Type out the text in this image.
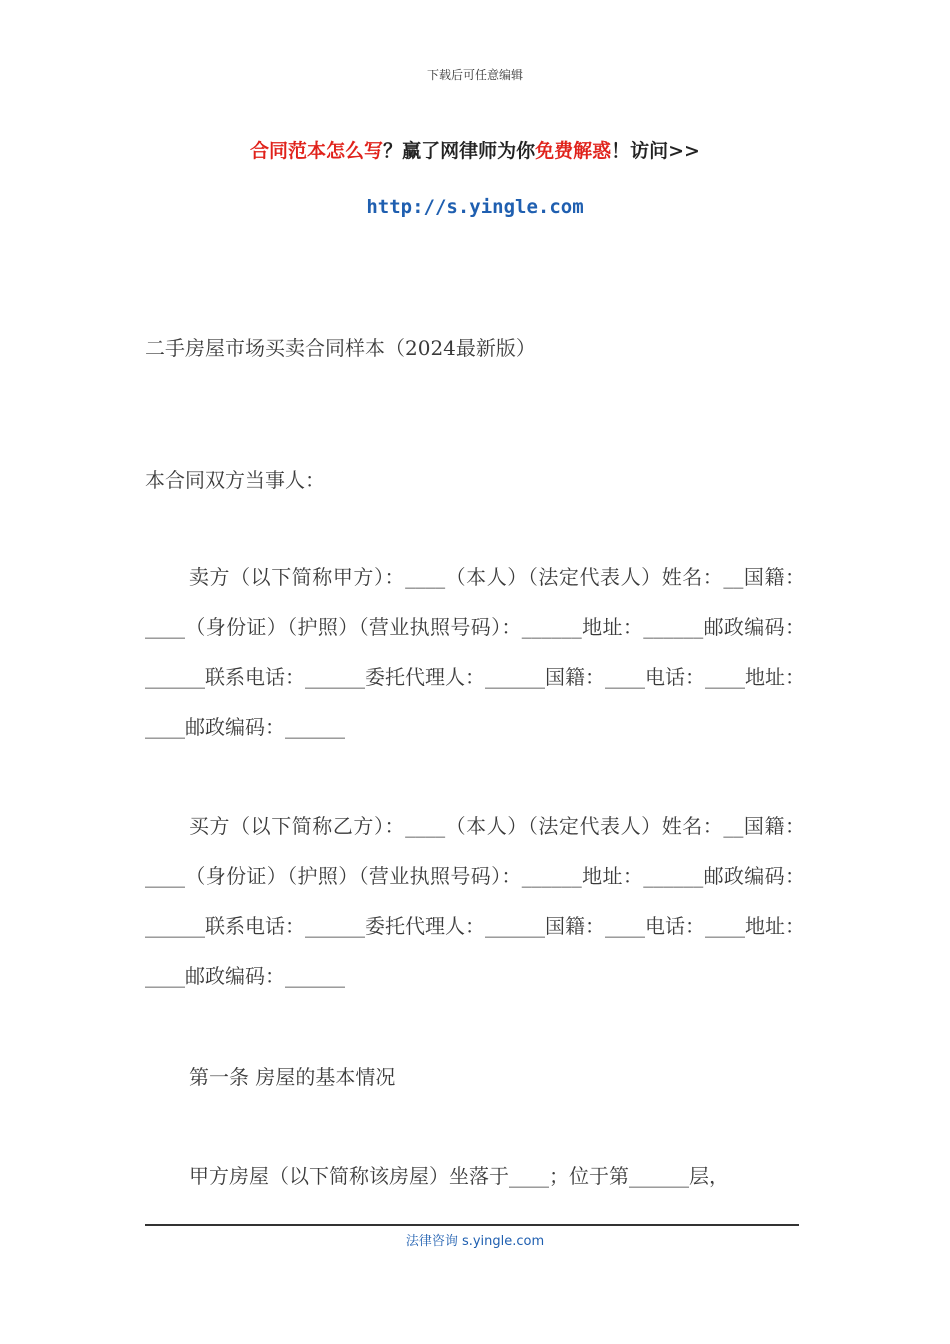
下载后可任意编辑
合同范本怎么写？赢了网律师为你免费解惑！访问>>
http://s.yingle.com
二手房屋市场买卖合同样本（2024最新版）
本合同双方当事人：
卖方（以下简称甲方）：____（本人）（法定代表人）姓名：__国籍：____（身份证）（护照）（营业执照号码）：______地址：______邮政编码：______联系电话：______委托代理人：______国籍：____电话：____地址：____邮政编码：______
买方（以下简称乙方）：____（本人）（法定代表人）姓名：__国籍：____（身份证）（护照）（营业执照号码）：______地址：______邮政编码：______联系电话：______委托代理人：______国籍：____电话：____地址：____邮政编码：______
第一条 房屋的基本情况
甲方房屋（以下简称该房屋）坐落于____；位于第______层，
法律咨询 s.yingle.com
